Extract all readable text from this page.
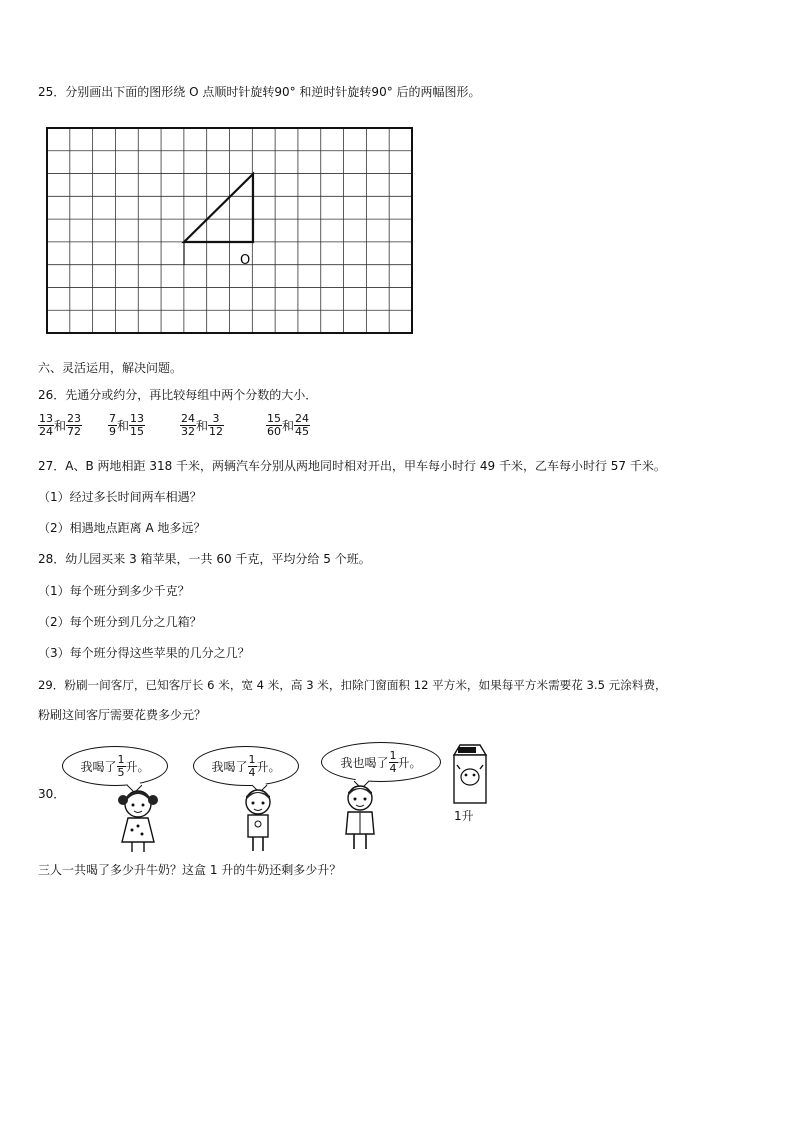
25．分别画出下面的图形绕 O 点顺时针旋转90° 和逆时针旋转90° 后的两幅图形。
O
六、灵活运用，解决问题。
26．先通分或约分，再比较每组中两个分数的大小．
$\frac{13}{24}$ 和 $\frac{23}{72} \frac{7}{9}$ 和 $\frac{13}{15}$	$\frac{24}{32}$ 和 $\frac{3}{12}$	$\frac{15}{60}$ 和 $\frac{24}{45}$
27．A、B 两地相距 318 千米，两辆汽车分别从两地同时相对开出，甲车每小时行 49 千米，乙车每小时行 57 千米。
（1）经过多长时间两车相遇？
（2）相遇地点距离 A 地多远？
28．幼儿园买来 3 箱苹果，一共 60 千克，平均分给 5 个班。
（1）每个班分到多少千克？
（2）每个班分到几分之几箱？
（3）每个班分得这些苹果的几分之几？
29．粉刷一间客厅，已知客厅长 6 米，宽 4 米，高 3 米，扣除门窗面积 12 平方米，如果每平方米需要花 3.5 元涂料费，
粉刷这间客厅需要花费多少元？
30．
我喝了 $\frac{1}{5}$ 升。	我喝了 $\frac{1}{4}$ 升。	我也喝了 $\frac{1}{4}$ 升。
1升
三人一共喝了多少升牛奶？这盒 1 升的牛奶还剩多少升？
